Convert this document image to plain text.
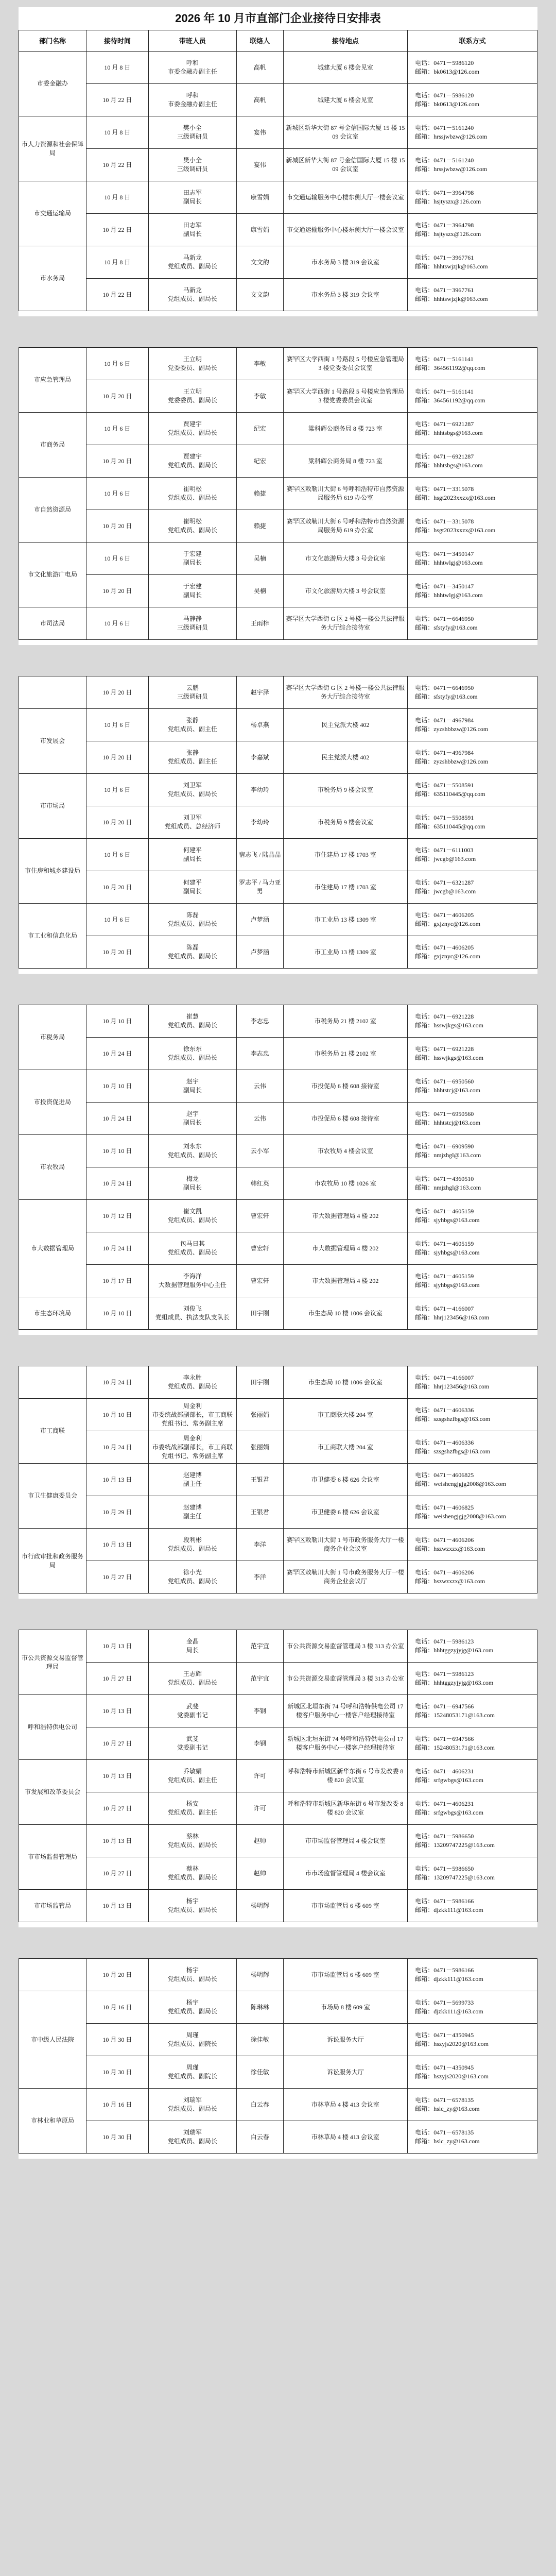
2026 年 10 月市直部门企业接待日安排表
部门名称	接待时间	带班人员	联络人	接待地点	联系方式
市委金融办	10 月 8 日	呼和
市委金融办副主任	高帆	城建大厦 6 楼会见室	电话：0471－5986120
邮箱：bk0613@126.com

	10 月 22 日	呼和
市委金融办副主任	高帆	城建大厦 6 楼会见室	电话：0471－5986120
邮箱：bk0613@126.com

市人力资源和社会保障局	10 月 8 日	樊小全
三级调研员	宴伟	新城区新华大街 87 号金信国际大厦 15 楼 1509 会议室	电话：0471－5161240
邮箱：hrssjwbzw@126.com

	10 月 22 日	樊小全
三级调研员	宴伟	新城区新华大街 87 号金信国际大厦 15 楼 1509 会议室	电话：0471－5161240
邮箱：hrssjwbzw@126.com

市交通运输局	10 月 8 日	田志军
副局长	康雪娟	市交通运输服务中心楼东侧大厅一楼会议室	电话：0471－3964798
邮箱：hsjtyszx@126.com

	10 月 22 日	田志军
副局长	康雪娟	市交通运输服务中心楼东侧大厅一楼会议室	电话：0471－3964798
邮箱：hsjtyszx@126.com

市水务局	10 月 8 日	马新龙
党组成员、副局长	文文韵	市水务局 3 楼 319 会议室	电话：0471－3967761
邮箱：hhhtswjzjk@163.com

	10 月 22 日	马新龙
党组成员、副局长	文文韵	市水务局 3 楼 319 会议室	电话：0471－3967761
邮箱：hhhtswjzjk@163.com
市应急管理局	10 月 6 日	王立明
党委委员、副局长	李敏	赛罕区大学西街 1 号路段 5 号楼应急管理局 3 楼党委委员会议室	电话：0471－5161141
邮箱：364561192@qq.com

	10 月 20 日	王立明
党委委员、副局长	李敏	赛罕区大学西街 1 号路段 5 号楼应急管理局 3 楼党委委员会议室	电话：0471－5161141
邮箱：364561192@qq.com

市商务局	10 月 6 日	贾建宇
党组成员、副局长	纪宏	粱科辉公商务局 8 楼 723 室	电话：0471－6921287
邮箱：hhhtsbgs@163.com

	10 月 20 日	贾建宇
党组成员、副局长	纪宏	粱科辉公商务局 8 楼 723 室	电话：0471－6921287
邮箱：hhhtsbgs@163.com

市自然资源局	10 月 6 日	崔明松
党组成员、副局长	赖捷	赛罕区敕勒川大街 6 号呼和浩特市自然资源局服务局 619 办公室	电话：0471－3315078
邮箱：hsgt2023xxzx@163.com

	10 月 20 日	崔明松
党组成员、副局长	赖捷	赛罕区敕勒川大街 6 号呼和浩特市自然资源局服务局 619 办公室	电话：0471－3315078
邮箱：hsgt2023xxzx@163.com

市文化旅游广电局	10 月 6 日	于宏建
副局长	吴楠	市文化旅游局大楼 3 号会议室	电话：0471－3450147
邮箱：hhhtwlgj@163.com

	10 月 20 日	于宏建
副局长	吴楠	市文化旅游局大楼 3 号会议室	电话：0471－3450147
邮箱：hhhtwlgj@163.com

市司法局	10 月 6 日	马静静
三级调研员	王雨梓	赛罕区大学西街 G 区 2 号楼一楼公共法律服务大厅综合接待室	电话：0471－6646950
邮箱：sfstyfy@163.com
	10 月 20 日	云鹏
三级调研员	赵宇泽	赛罕区大学西街 G 区 2 号楼一楼公共法律服务大厅综合接待室	电话：0471－6646950
邮箱：sfstyfy@163.com

市发展会	10 月 6 日	张静
党组成员、副主任	杨卓燕	民主党派大楼 402	电话：0471－4967984
邮箱：zyzshbbzw@126.com

	10 月 20 日	张静
党组成员、副主任	李嘉斌	民主党派大楼 402	电话：0471－4967984
邮箱：zyzshbbzw@126.com

市市场局	10 月 6 日	刘卫军
党组成员、副局长	李幼玲	市税务局 9 楼会议室	电话：0471－5508591
邮箱：635110445@qq.com

	10 月 20 日	刘卫军
党组成员、总经济师	李幼玲	市税务局 9 楼会议室	电话：0471－5508591
邮箱：635110445@qq.com

市住房和城乡建设局	10 月 6 日	何建平
副局长	宿志飞 / 陆晶晶	市住建局 17 楼 1703 室	电话：0471－6111003
邮箱：jwcgb@163.com

	10 月 20 日	何建平
副局长	罗志平 / 马力亚男	市住建局 17 楼 1703 室	电话：0471－6321287
邮箱：jwcgb@163.com

市工业和信息化局	10 月 6 日	陈磊
党组成员、副局长	卢梦涵	市工业局 13 楼 1309 室	电话：0471－4606205
邮箱：gxjznyc@126.com

	10 月 20 日	陈磊
党组成员、副局长	卢梦涵	市工业局 13 楼 1309 室	电话：0471－4606205
邮箱：gxjznyc@126.com
市税务局	10 月 10 日	崔慧
党组成员、副局长	李志忠	市税务局 21 楼 2102 室	电话：0471－6921228
邮箱：hsswjkgs@163.com

	10 月 24 日	徐东东
党组成员、副局长	李志忠	市税务局 21 楼 2102 室	电话：0471－6921228
邮箱：hsswjkgs@163.com

市投资促进局	10 月 10 日	赵宇
副局长	云伟	市投促局 6 楼 608 接待室	电话：0471－6950560
邮箱：hhhtstcj@163.com

	10 月 24 日	赵宇
副局长	云伟	市投促局 6 楼 608 接待室	电话：0471－6950560
邮箱：hhhtstcj@163.com

市农牧局	10 月 10 日	刘永东
党组成员、副局长	云小军	市农牧局 4 楼会议室	电话：0471－6909590
邮箱：nmjzhgl@163.com

	10 月 24 日	梅龙
副局长	韩红英	市农牧局 10 楼 1026 室	电话：0471－4360510
邮箱：nmjzhgl@163.com

市大数据管理局	10 月 12 日	崔文凯
党组成员、副局长	曹宏轩	市大数据管理局 4 楼 202	电话：0471－4605159
邮箱：sjyhbgs@163.com

	10 月 24 日	包马日其
党组成员、副局长	曹宏轩	市大数据管理局 4 楼 202	电话：0471－4605159
邮箱：sjyhbgs@163.com

	10 月 17 日	李海洋
大数据管理服务中心主任	曹宏轩	市大数据管理局 4 楼 202	电话：0471－4605159
邮箱：sjyhbgs@163.com

市生态环境局	10 月 10 日	刘俊飞
党组成员、执法支队支队长	田宇刚	市生态局 10 楼 1006 会议室	电话：0471－4166007
邮箱：hhrj123456@163.com
	10 月 24 日	李永胜
党组成员、副局长	田宇刚	市生态局 10 楼 1006 会议室	电话：0471－4166007
邮箱：hhrj123456@163.com

市工商联	10 月 10 日	周金利
市委统战部副部长，市工商联党组书记、常务副主席	张丽娟	市工商联大楼 204 室	电话：0471－4606336
邮箱：szsgshzfbgs@163.com

	10 月 24 日	周金利
市委统战部副部长，市工商联党组书记、常务副主席	张丽娟	市工商联大楼 204 室	电话：0471－4606336
邮箱：szsgshzfbgs@163.com

市卫生健康委员会	10 月 13 日	赵建博
副主任	王银君	市卫健委 6 楼 626 会议室	电话：0471－4606825
邮箱：weishengjgjg2008@163.com

	10 月 29 日	赵建博
副主任	王银君	市卫健委 6 楼 626 会议室	电话：0471－4606825
邮箱：weishengjgjg2008@163.com

市行政审批和政务服务局	10 月 13 日	段利彬
党组成员、副局长	李洋	赛罕区敕勒川大街 1 号市政务服务大厅一楼商务企业会议室	电话：0471－4606206
邮箱：hszwzxzx@163.com

	10 月 27 日	徐小光
党组成员、副局长	李洋	赛罕区敕勒川大街 1 号市政务服务大厅一楼商务企业会议厅	电话：0471－4606206
邮箱：hszwzxzx@163.com
市公共资源交易监督管理局	10 月 13 日	金晶
局长	范宇宜	市公共资源交易监督管理局 3 楼 313 办公室	电话：0471－5986123
邮箱：hhhtggzyjyjg@163.com

	10 月 27 日	王志辉
党组成员、副局长	范宇宜	市公共资源交易监督管理局 3 楼 313 办公室	电话：0471－5986123
邮箱：hhhtggzyjyjg@163.com

呼和浩特供电公司	10 月 13 日	武斐
党委副书记	李钢	新城区北垣东街 74 号呼和浩特供电公司 17 楼客户服务中心一楼客户经理接待室	电话：0471－6947566
邮箱：15248053171@163.com

	10 月 27 日	武斐
党委副书记	李钢	新城区北垣东街 74 号呼和浩特供电公司 17 楼客户服务中心一楼客户经理接待室	电话：0471－6947566
邮箱：15248053171@163.com

市发展和改革委员会	10 月 13 日	乔敏娟
党组成员、副主任	许可	呼和浩特市新城区新华东街 6 号市发改委 8 楼 820 会议室	电话：0471－4606231
邮箱：srfgwbgs@163.com

	10 月 27 日	杨安
党组成员、副主任	许可	呼和浩特市新城区新华东街 6 号市发改委 8 楼 820 会议室	电话：0471－4606231
邮箱：srfgwbgs@163.com

市市场监督管理局	10 月 13 日	蔡林
党组成员、副局长	赵帅	市市场监督管理局 4 楼会议室	电话：0471－5986650
邮箱：13209747225@163.com

	10 月 27 日	蔡林
党组成员、副局长	赵帅	市市场监督管理局 4 楼会议室	电话：0471－5986650
邮箱：13209747225@163.com

市市场监管局	10 月 13 日	杨宇
党组成员、副局长	杨明辉	市市场监管局 6 楼 609 室	电话：0471－5986166
邮箱：djzkk111@163.com
	10 月 20 日	杨宇
党组成员、副局长	杨明辉	市市场监管局 6 楼 609 室	电话：0471－5986166
邮箱：djzkk111@163.com

市中级人民法院	10 月 16 日	杨宇
党组成员、副局长	陈琳琳	市场局 8 楼 609 室	电话：0471－5699733
邮箱：djzkk111@163.com

	10 月 30 日	周瑾
党组成员、副院长	徐佳敏	诉讼服务大厅	电话：0471－4350945
邮箱：hszyjs2020@163.com

	10 月 30 日	周瑾
党组成员、副院长	徐佳敏	诉讼服务大厅	电话：0471－4350945
邮箱：hszyjs2020@163.com

市林业和草原局	10 月 16 日	刘瑞军
党组成员、副局长	白云春	市林草局 4 楼 413 会议室	电话：0471－6578135
邮箱：hslc_zy@163.com

	10 月 30 日	刘瑞军
党组成员、副局长	白云春	市林草局 4 楼 413 会议室	电话：0471－6578135
邮箱：hslc_zy@163.com
